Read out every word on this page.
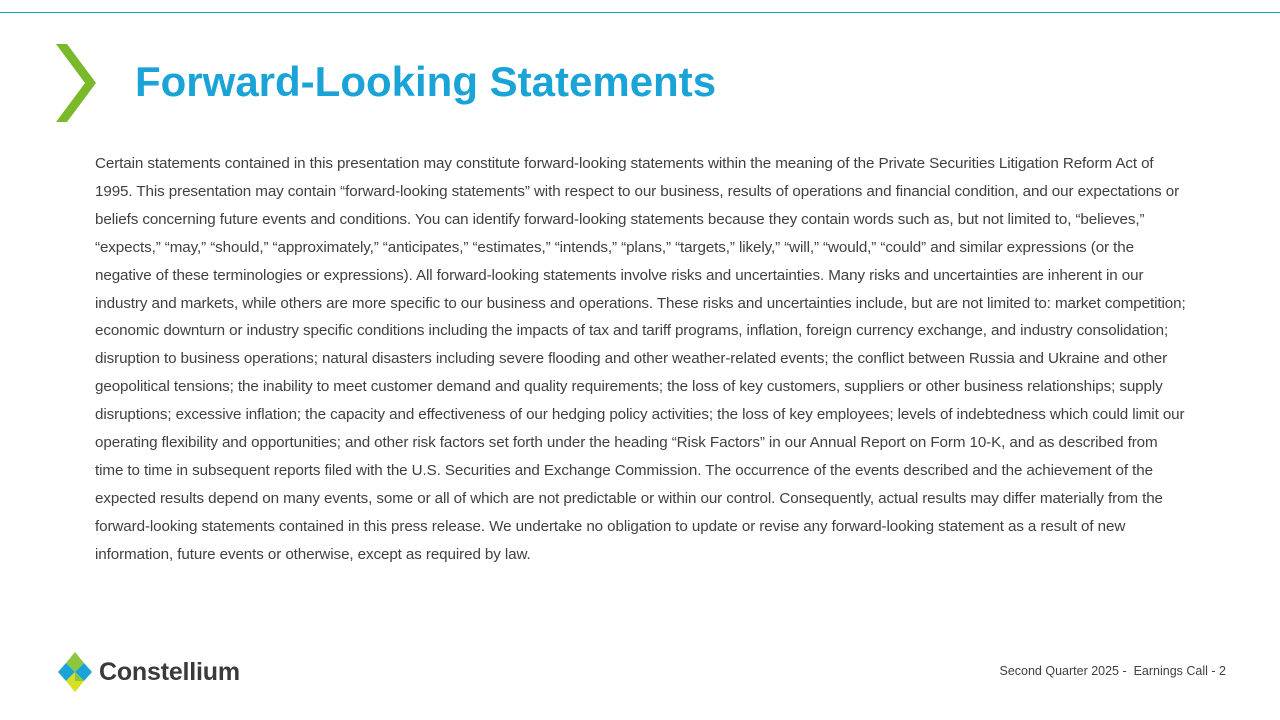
Forward-Looking Statements

Certain statements contained in this presentation may constitute forward-looking statements within the meaning of the Private Securities Litigation Reform Act of 1995. This presentation may contain “forward-looking statements” with respect to our business, results of operations and financial condition, and our expectations or beliefs concerning future events and conditions. You can identify forward-looking statements because they contain words such as, but not limited to, “believes,” “expects,” “may,” “should,” “approximately,” “anticipates,” “estimates,” “intends,” “plans,” “targets,” likely,” “will,” “would,” “could” and similar expressions (or the negative of these terminologies or expressions). All forward-looking statements involve risks and uncertainties. Many risks and uncertainties are inherent in our industry and markets, while others are more specific to our business and operations. These risks and uncertainties include, but are not limited to: market competition; economic downturn or industry specific conditions including the impacts of tax and tariff programs, inflation, foreign currency exchange, and industry consolidation; disruption to business operations; natural disasters including severe flooding and other weather-related events; the conflict between Russia and Ukraine and other geopolitical tensions; the inability to meet customer demand and quality requirements; the loss of key customers, suppliers or other business relationships; supply disruptions; excessive inflation; the capacity and effectiveness of our hedging policy activities; the loss of key employees; levels of indebtedness which could limit our operating flexibility and opportunities; and other risk factors set forth under the heading “Risk Factors” in our Annual Report on Form 10-K, and as described from time to time in subsequent reports filed with the U.S. Securities and Exchange Commission. The occurrence of the events described and the achievement of the expected results depend on many events, some or all of which are not predictable or within our control. Consequently, actual results may differ materially from the forward-looking statements contained in this press release. We undertake no obligation to update or revise any forward-looking statement as a result of new information, future events or otherwise, except as required by law.

Constellium	Second Quarter 2025 -  Earnings Call - 2
